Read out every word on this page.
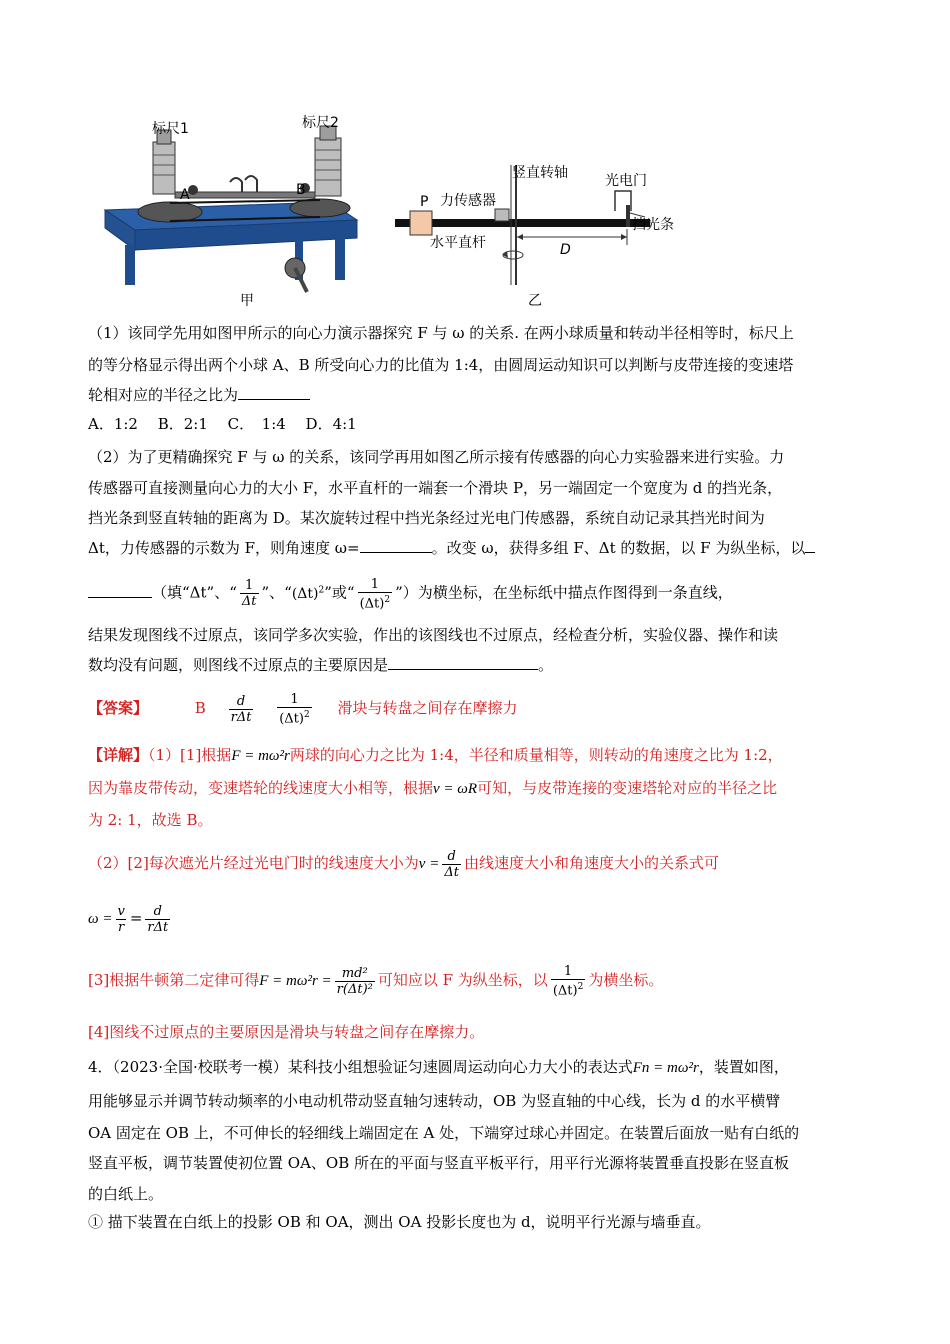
标尺1	标尺2
A	B
甲
竖直转轴	光电门
力传感器
P
挡光条
水平直杆	D
乙
（1）该同学先用如图甲所示的向心力演示器探究 F 与 ω 的关系. 在两小球质量和转动半径相等时，标尺上
的等分格显示得出两个小球 A、B 所受向心力的比值为 1:4，由圆周运动知识可以判断与皮带连接的变速塔
轮相对应的半径之比为
A．1:2　 B．2:1　 C．　1:4　 D．4:1
（2）为了更精确探究 F 与 ω 的关系，该同学再用如图乙所示接有传感器的向心力实验器来进行实验。力
传感器可直接测量向心力的大小 F，水平直杆的一端套一个滑块 P，另一端固定一个宽度为 d 的挡光条，
挡光条到竖直转轴的距离为 D。某次旋转过程中挡光条经过光电门传感器，系统自动记录其挡光时间为
Δt，力传感器的示数为 F，则角速度 ω=	。改变 ω，获得多组 F、Δt 的数据，以 F 为纵坐标，以
（填“Δt”、“ $\frac{1}{\Delta t}$ ”、“$(\Delta t)^2$”或“ $\frac{1}{(\Delta t)^2}$ ”）为横坐标，在坐标纸中描点作图得到一条直线，
结果发现图线不过原点，该同学多次实验，作出的该图线也不过原点，经检查分析，实验仪器、操作和读
数均没有问题，则图线不过原点的主要原因是	。
【答案】	B $\frac{d}{\text{rΔt}}$
$\frac{1}{(\Delta t)^2}$ 滑块与转盘之间存在摩擦力
【详解】（1）[1]根据F = mω²r两球的向心力之比为 1:4，半径和质量相等，则转动的角速度之比为 1:2，
因为靠皮带传动，变速塔轮的线速度大小相等，根据v = ωR可知，与皮带连接的变速塔轮对应的半径之比
为 2: 1，故选 B。
（2）[2]每次遮光片经过光电门时的线速度大小为$v = \frac{d}{\Delta t}$ 由线速度大小和角速度大小的关系式可
$\omega = \frac{v}{r} = \frac{d}{\text{rΔt}}$
[3]根据牛顿第二定律可得$F = m\omega^2r = \frac{\text{md²}}{\text{r(Δt)²}}$ 可知应以 F 为纵坐标，以 $\frac{1}{(\Delta t)^2}$ 为横坐标。
[4]图线不过原点的主要原因是滑块与转盘之间存在摩擦力。
4．（2023·全国·校联考一模）某科技小组想验证匀速圆周运动向心力大小的表达式Fn = mω²r，装置如图，
用能够显示并调节转动频率的小电动机带动竖直轴匀速转动，OB 为竖直轴的中心线，长为 d 的水平横臂
OA 固定在 OB 上，不可伸长的轻细线上端固定在 A 处，下端穿过球心并固定。在装置后面放一贴有白纸的
竖直平板，调节装置使初位置 OA、OB 所在的平面与竖直平板平行，用平行光源将装置垂直投影在竖直板
的白纸上。
① 描下装置在白纸上的投影 OB 和 OA，测出 OA 投影长度也为 d，说明平行光源与墙垂直。
